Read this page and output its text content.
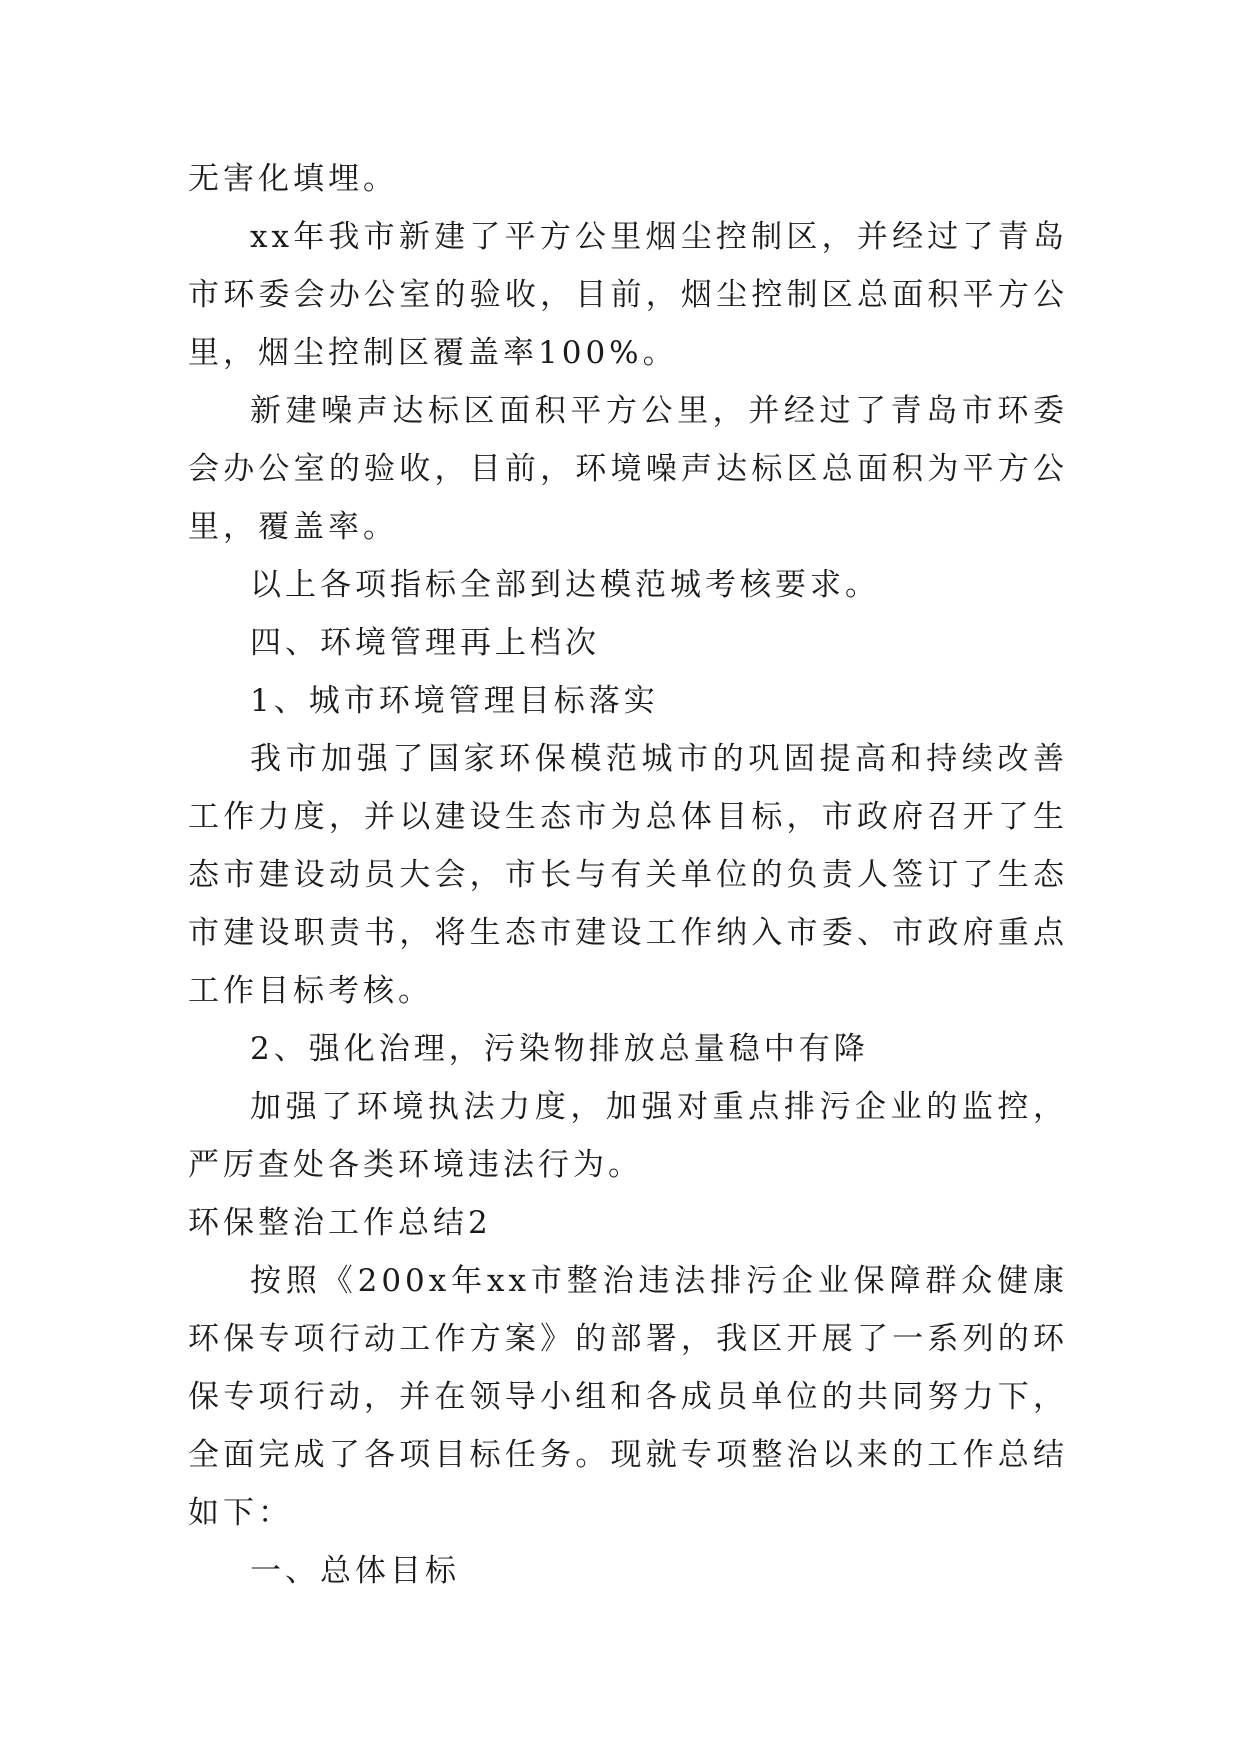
无害化填埋。

xx年我市新建了平方公里烟尘控制区，并经过了青岛市环委会办公室的验收，目前，烟尘控制区总面积平方公里，烟尘控制区覆盖率100%。

新建噪声达标区面积平方公里，并经过了青岛市环委会办公室的验收，目前，环境噪声达标区总面积为平方公里，覆盖率。

以上各项指标全部到达模范城考核要求。

四、环境管理再上档次

1、城市环境管理目标落实

我市加强了国家环保模范城市的巩固提高和持续改善工作力度，并以建设生态市为总体目标，市政府召开了生态市建设动员大会，市长与有关单位的负责人签订了生态市建设职责书，将生态市建设工作纳入市委、市政府重点工作目标考核。

2、强化治理，污染物排放总量稳中有降

加强了环境执法力度，加强对重点排污企业的监控，严厉查处各类环境违法行为。

环保整治工作总结2

按照《200x年xx市整治违法排污企业保障群众健康环保专项行动工作方案》的部署，我区开展了一系列的环保专项行动，并在领导小组和各成员单位的共同努力下，全面完成了各项目标任务。现就专项整治以来的工作总结如下：

一、总体目标
